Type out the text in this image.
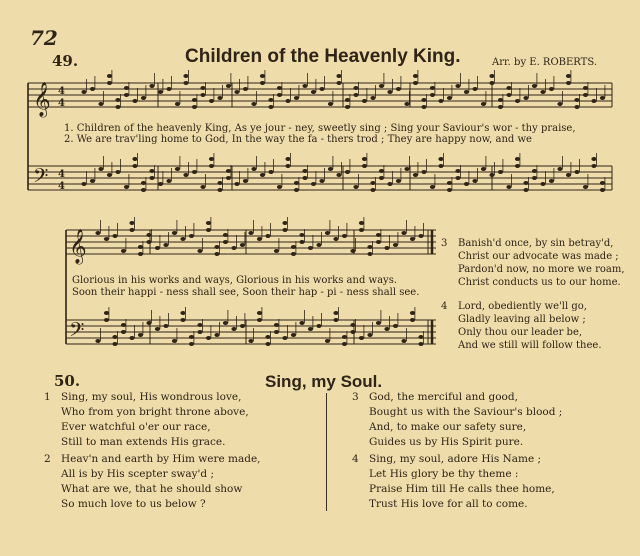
𝄞
𝄢
4
4
4
4
𝄞
𝄢
72
49.	Children of the Heavenly King.	Arr. by E. ROBERTS.
1. Children of the heavenly King, As ye jour - ney, sweetly sing ; Sing your Saviour's wor - thy praise,
2. We are trav'ling home to God, In the way the fa - thers trod ; They are happy now, and we
Glorious in his works and ways, Glorious in his works and ways.
Soon their happi - ness shall see, Soon their hap - pi - ness shall see.
3 Banish'd once, by sin betray'd,
Christ our advocate was made ;
Pardon'd now, no more we roam,
Christ conducts us to our home.
4 Lord, obediently we'll go,
Gladly leaving all below ;
Only thou our leader be,
And we still will follow thee.
50.	Sing, my Soul.
1 Sing, my soul, His wondrous love,
Who from yon bright throne above,
Ever watchful o'er our race,
Still to man extends His grace.
2 Heav'n and earth by Him were made,
All is by His scepter sway'd ;
What are we, that he should show
So much love to us below ?
3 God, the merciful and good,
Bought us with the Saviour's blood ;
And, to make our safety sure,
Guides us by His Spirit pure.
4 Sing, my soul, adore His Name ;
Let His glory be thy theme :
Praise Him till He calls thee home,
Trust His love for all to come.
